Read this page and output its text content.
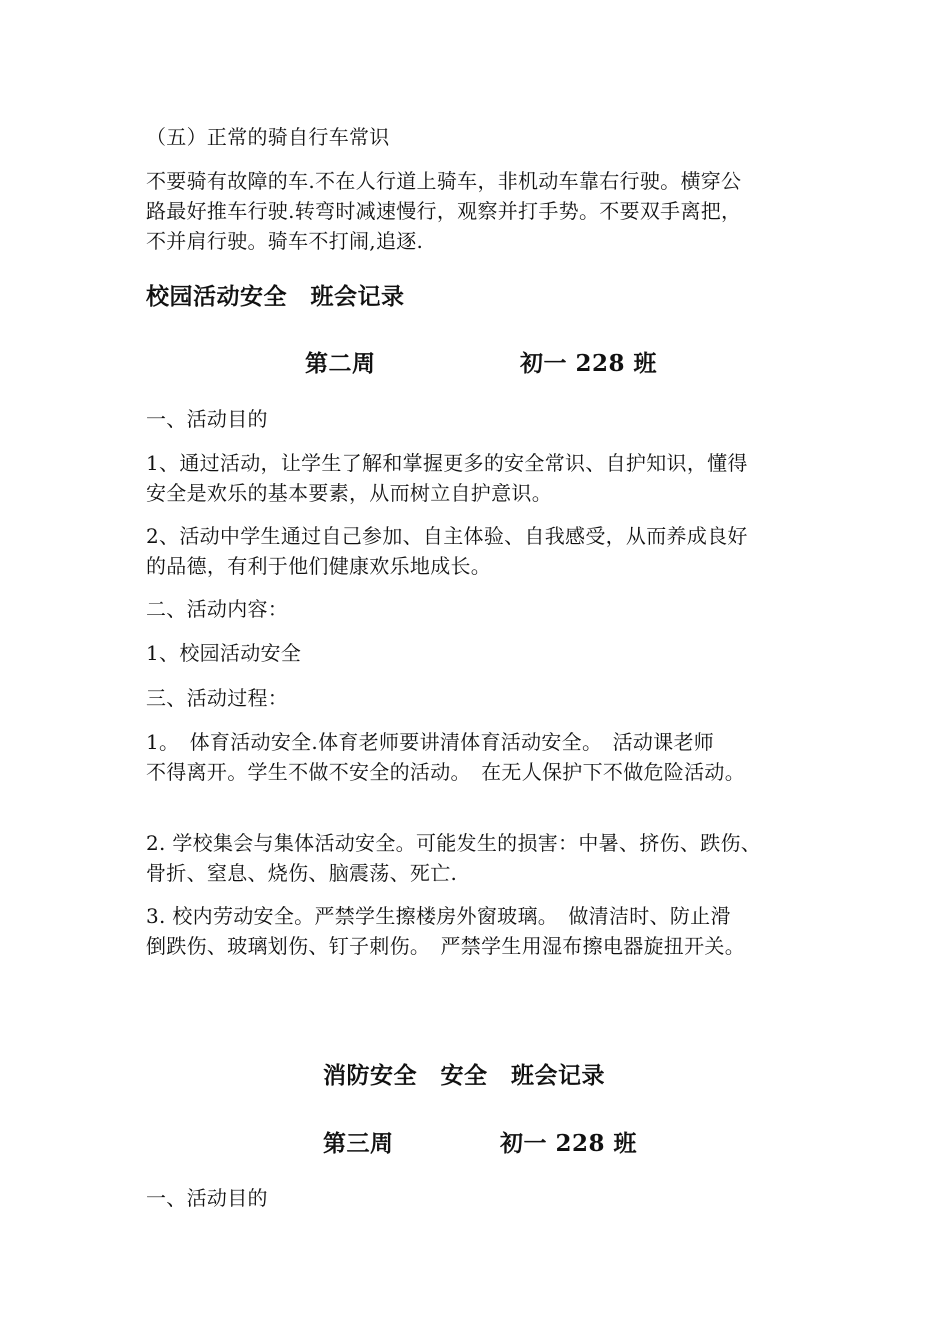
（五）正常的骑自行车常识
不要骑有故障的车.不在人行道上骑车，非机动车靠右行驶。横穿公
路最好推车行驶.转弯时减速慢行，观察并打手势。不要双手离把，
不并肩行驶。骑车不打闹,追逐.
校园活动安全　班会记录
第二周	初一 228 班
一、活动目的
1、通过活动，让学生了解和掌握更多的安全常识、自护知识，懂得
安全是欢乐的基本要素，从而树立自护意识。
2、活动中学生通过自己参加、自主体验、自我感受，从而养成良好
的品德，有利于他们健康欢乐地成长。
二、活动内容：
1、校园活动安全
三、活动过程：
1。　体育活动安全.体育老师要讲清体育活动安全。　活动课老师
不得离开。学生不做不安全的活动。　在无人保护下不做危险活动。
2. 学校集会与集体活动安全。可能发生的损害：中暑、挤伤、跌伤、
骨折、窒息、烧伤、脑震荡、死亡.
3. 校内劳动安全。严禁学生擦楼房外窗玻璃。　做清洁时、防止滑
倒跌伤、玻璃划伤、钉子刺伤。　严禁学生用湿布擦电器旋扭开关。
消防安全　安全　班会记录
第三周	初一 228 班
一、活动目的
